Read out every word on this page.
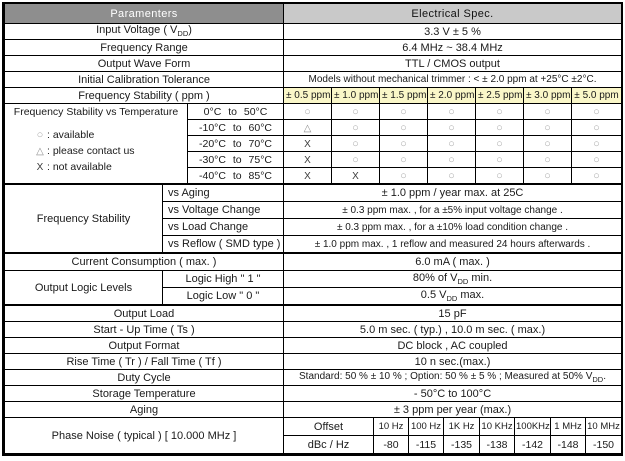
Paramenters	Electrical Spec.
Input Voltage ( $V_{DD}$)	3.3 V ± 5 %
Frequency Range	6.4 MHz ~ 38.4 MHz
Output Wave Form	TTL / CMOS output
Initial Calibration Tolerance	Models without mechanical trimmer : < ± 2.0 ppm at +25°C ±2°C.
Frequency Stability ( ppm )		± 0.5 ppm	± 1.0 ppm	± 1.5 ppm	± 2.0 ppm	± 2.5 ppm	± 3.0 ppm	± 5.0 ppm

Frequency Stability vs Temperature
○ : available
△ : please contact us
X : not available	0°C to 50°C	○	○	○	○	○	○	○
	-10°C to 60°C	△	○	○	○	○	○	○
	-20°C to 70°C	X	○	○	○	○	○	○
	-30°C to 75°C	X	○	○	○	○	○	○
	-40°C to 85°C	X	X	○	○	○	○	○
Frequency Stability	vs Aging	± 1.0 ppm / year max. at 25C
	vs Voltage Change	± 0.3 ppm max. , for a ±5% input voltage change .
	vs Load Change	± 0.3 ppm max. , for a ±10% load condition change .
	vs Reflow ( SMD type )	± 1.0 ppm max. , 1 reflow and measured 24 hours afterwards .
Current Consumption ( max. )	6.0 mA ( max. )
Output Logic Levels	Logic High " 1 "	80% of $V_{DD}$ min.
	Logic Low " 0 "	0.5 $V_{DD}$ max.
Output Load	15 pF
Start - Up Time ( Ts )	5.0 m sec. ( typ.) , 10.0 m sec. ( max.)
Output Format	DC block , AC coupled
Rise Time ( Tr ) / Fall Time ( Tf )	10 n sec.(max.)
Duty Cycle	Standard: 50 % ± 10 % ; Option: 50 % ± 5 % ; Measured at 50% $V_{DD}$.
Storage Temperature	- 50°C to 100°C
Aging	± 3 ppm per year (max.)
Phase Noise ( typical ) [ 10.000 MHz ]	Offset	10 Hz	100 Hz	1K Hz	10 KHz	100KHz	1 MHz	10 MHz
	dBc / Hz	-80	-115	-135	-138	-142	-148	-150
